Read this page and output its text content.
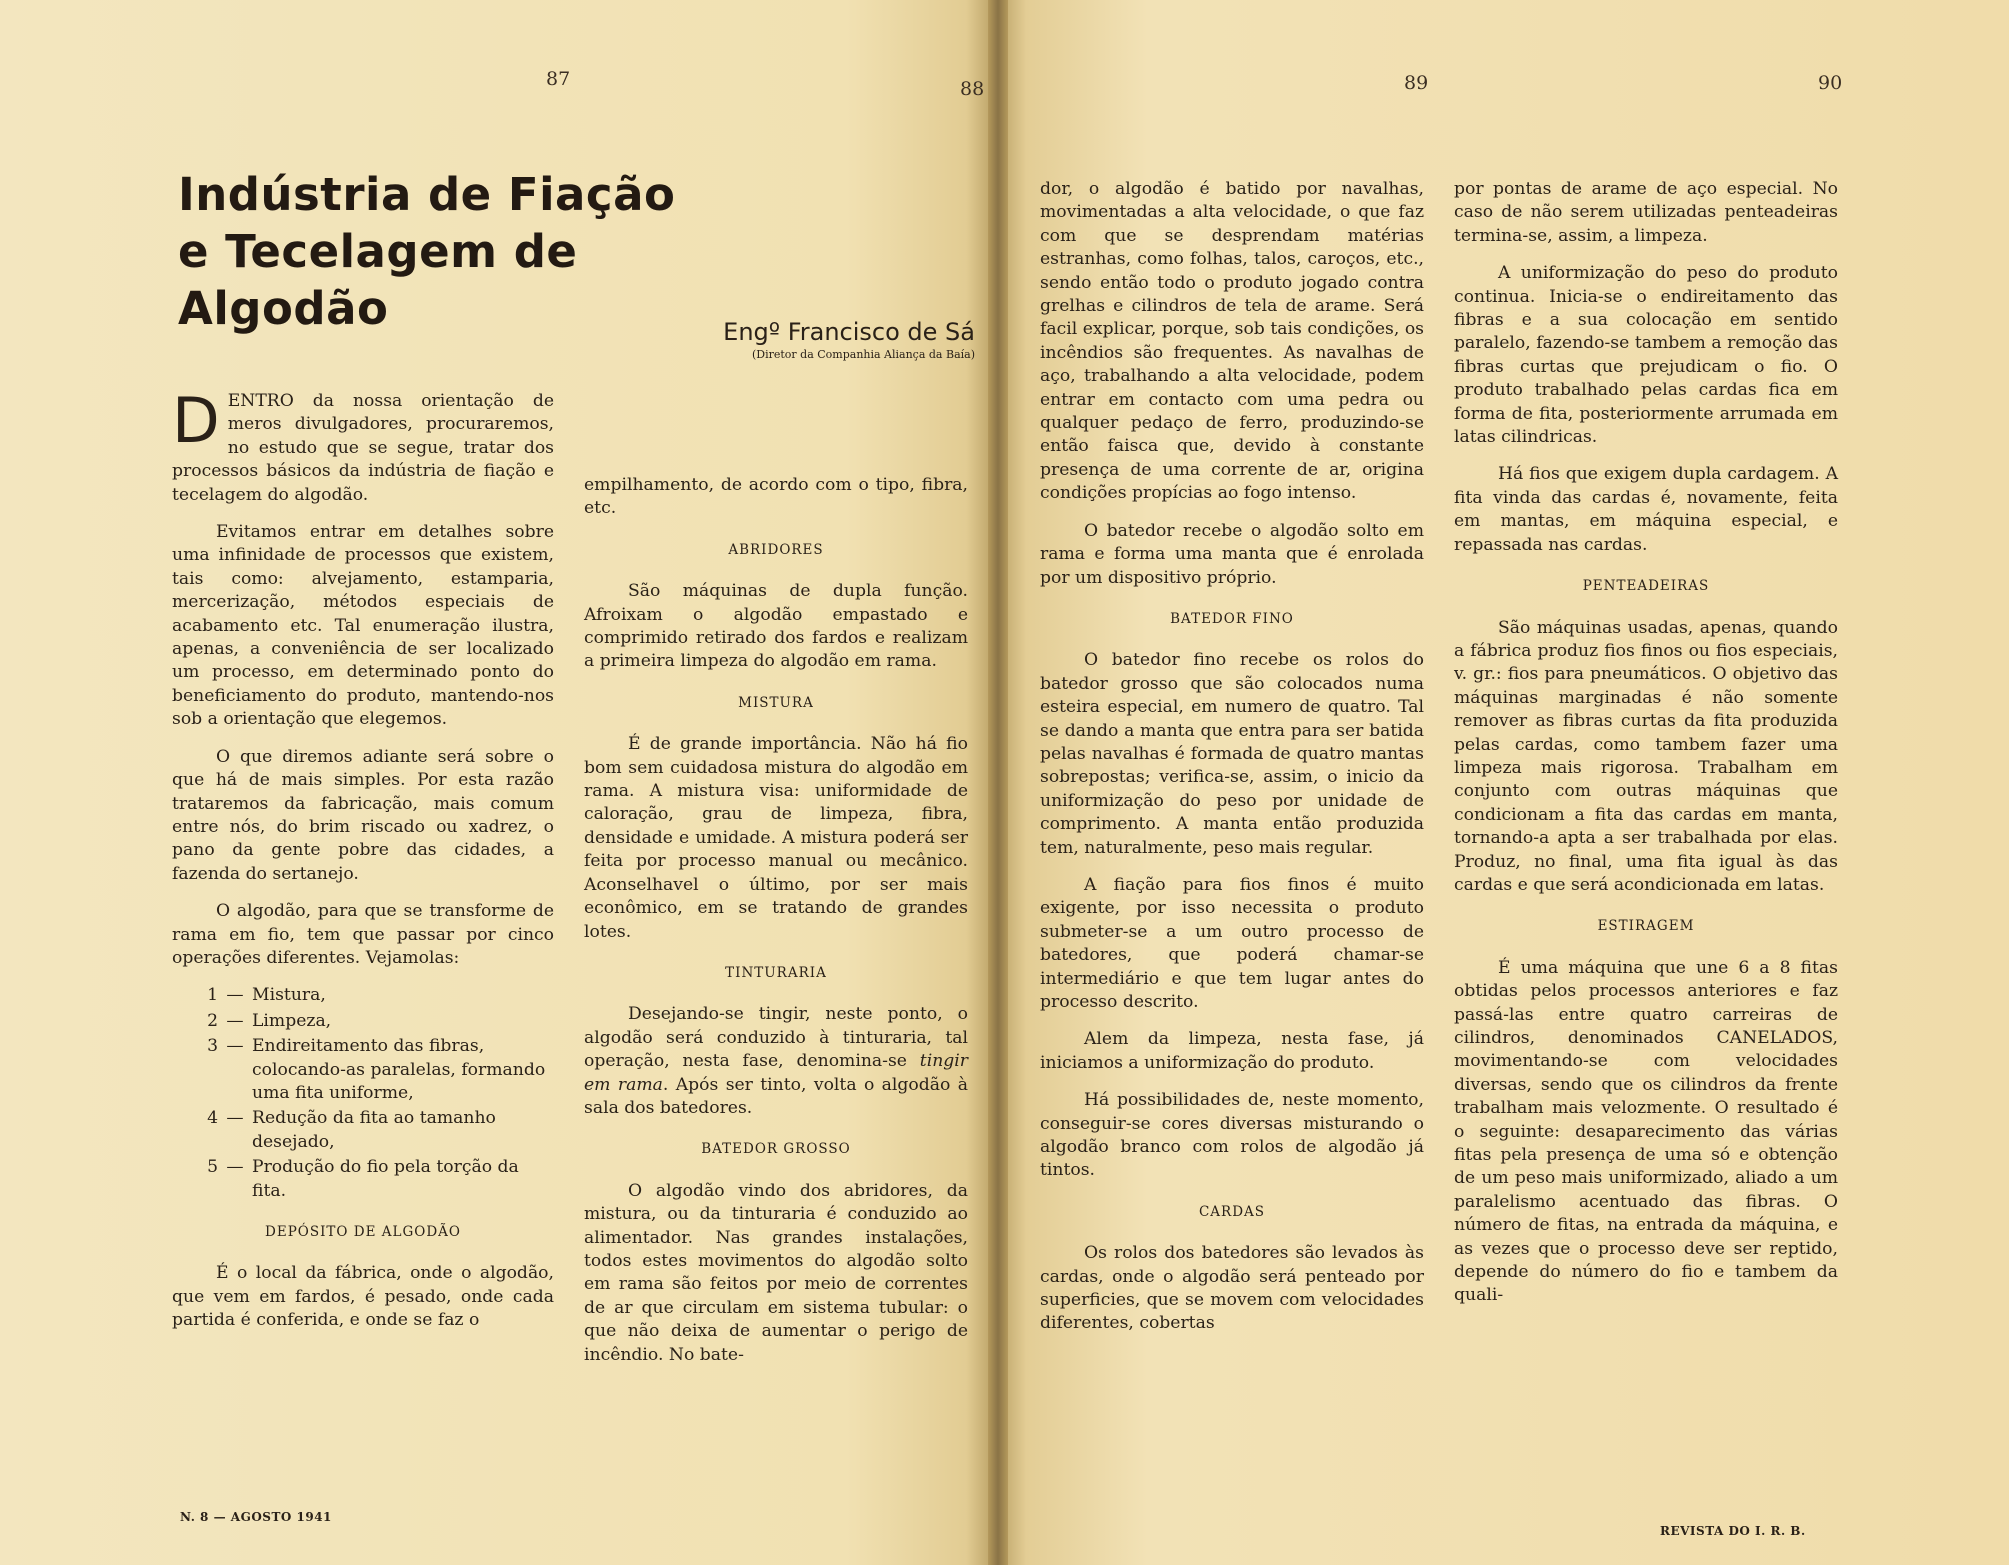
87	88	89	90
Indústria de Fiação
e Tecelagem de Algodão	Engº Francisco de Sá
(Diretor da Companhia Aliança da Baía)

DENTRO da nossa orientação de meros divulgadores, procuraremos, no estudo que se segue, tratar dos processos básicos da indústria de fiação e tecelagem do algodão.

Evitamos entrar em detalhes sobre uma infinidade de processos que existem, tais como: alvejamento, estamparia, mercerização, métodos especiais de acabamento etc. Tal enumeração ilustra, apenas, a conveniência de ser localizado um processo, em determinado ponto do beneficiamento do produto, mantendo-nos sob a orientação que elegemos.

O que diremos adiante será sobre o que há de mais simples. Por esta razão trataremos da fabricação, mais comum entre nós, do brim riscado ou xadrez, o pano da gente pobre das cidades, a fazenda do sertanejo.

O algodão, para que se transforme de rama em fio, tem que passar por cinco operações diferentes. Vejamolas:

1 — Mistura,
2 — Limpeza,
3 — Endireitamento das fibras, colocando-as paralelas, formando uma fita uniforme,
4 — Redução da fita ao tamanho desejado,
5 — Produção do fio pela torção da fita.
DEPÓSITO DE ALGODÃO

É o local da fábrica, onde o algodão, que vem em fardos, é pesado, onde cada partida é conferida, e onde se faz o

empilhamento, de acordo com o tipo, fibra, etc.

ABRIDORES

São máquinas de dupla função. Afroixam o algodão empastado e comprimido retirado dos fardos e realizam a primeira limpeza do algodão em rama.

MISTURA

É de grande importância. Não há fio bom sem cuidadosa mistura do algodão em rama. A mistura visa: uniformidade de caloração, grau de limpeza, fibra, densidade e umidade. A mistura poderá ser feita por processo manual ou mecânico. Aconselhavel o último, por ser mais econômico, em se tratando de grandes lotes.

TINTURARIA

Desejando-se tingir, neste ponto, o algodão será conduzido à tinturaria, tal operação, nesta fase, denomina-se tingir em rama. Após ser tinto, volta o algodão à sala dos batedores.

BATEDOR GROSSO

O algodão vindo dos abridores, da mistura, ou da tinturaria é conduzido ao alimentador. Nas grandes instalações, todos estes movimentos do algodão solto em rama são feitos por meio de correntes de ar que circulam em sistema tubular: o que não deixa de aumentar o perigo de incêndio. No bate-

dor, o algodão é batido por navalhas, movimentadas a alta velocidade, o que faz com que se desprendam matérias estranhas, como folhas, talos, caroços, etc., sendo então todo o produto jogado contra grelhas e cilindros de tela de arame. Será facil explicar, porque, sob tais condições, os incêndios são frequentes. As navalhas de aço, trabalhando a alta velocidade, podem entrar em contacto com uma pedra ou qualquer pedaço de ferro, produzindo-se então faisca que, devido à constante presença de uma corrente de ar, origina condições propícias ao fogo intenso.

O batedor recebe o algodão solto em rama e forma uma manta que é enrolada por um dispositivo próprio.

BATEDOR FINO

O batedor fino recebe os rolos do batedor grosso que são colocados numa esteira especial, em numero de quatro. Tal se dando a manta que entra para ser batida pelas navalhas é formada de quatro mantas sobrepostas; verifica-se, assim, o inicio da uniformização do peso por unidade de comprimento. A manta então produzida tem, naturalmente, peso mais regular.

A fiação para fios finos é muito exigente, por isso necessita o produto submeter-se a um outro processo de batedores, que poderá chamar-se intermediário e que tem lugar antes do processo descrito.

Alem da limpeza, nesta fase, já iniciamos a uniformização do produto.

Há possibilidades de, neste momento, conseguir-se cores diversas misturando o algodão branco com rolos de algodão já tintos.

CARDAS

Os rolos dos batedores são levados às cardas, onde o algodão será penteado por superficies, que se movem com velocidades diferentes, cobertas

por pontas de arame de aço especial. No caso de não serem utilizadas penteadeiras termina-se, assim, a limpeza.

A uniformização do peso do produto continua. Inicia-se o endireitamento das fibras e a sua colocação em sentido paralelo, fazendo-se tambem a remoção das fibras curtas que prejudicam o fio. O produto trabalhado pelas cardas fica em forma de fita, posteriormente arrumada em latas cilindricas.

Há fios que exigem dupla cardagem. A fita vinda das cardas é, novamente, feita em mantas, em máquina especial, e repassada nas cardas.

PENTEADEIRAS

São máquinas usadas, apenas, quando a fábrica produz fios finos ou fios especiais, v. gr.: fios para pneumáticos. O objetivo das máquinas marginadas é não somente remover as fibras curtas da fita produzida pelas cardas, como tambem fazer uma limpeza mais rigorosa. Trabalham em conjunto com outras máquinas que condicionam a fita das cardas em manta, tornando-a apta a ser trabalhada por elas. Produz, no final, uma fita igual às das cardas e que será acondicionada em latas.

ESTIRAGEM

É uma máquina que une 6 a 8 fitas obtidas pelos processos anteriores e faz passá-las entre quatro carreiras de cilindros, denominados CANELADOS, movimentando-se com velocidades diversas, sendo que os cilindros da frente trabalham mais velozmente. O resultado é o seguinte: desaparecimento das várias fitas pela presença de uma só e obtenção de um peso mais uniformizado, aliado a um paralelismo acentuado das fibras. O número de fitas, na entrada da máquina, e as vezes que o processo deve ser reptido, depende do número do fio e tambem da quali-

N. 8 — AGOSTO 1941
REVISTA DO I. R. B.
